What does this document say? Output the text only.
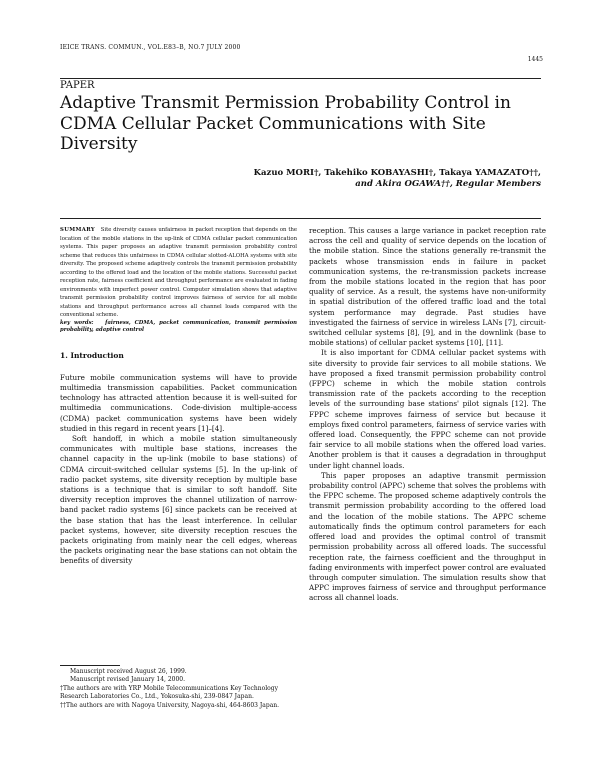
IEICE TRANS. COMMUN., VOL.E83–B, NO.7 JULY 2000
1445
PAPER
Adaptive Transmit Permission Probability Control in CDMA Cellular Packet Communications with Site Diversity
Kazuo MORI†, Takehiko KOBAYASHI†, Takaya YAMAZATO††,
and Akira OGAWA††, Regular Members
SUMMARY Site diversity causes unfairness in packet reception that depends on the location of the mobile stations in the up-link of CDMA cellular packet communication systems. This paper proposes an adaptive transmit permission probability control scheme that reduces this unfairness in CDMA cellular slotted-ALOHA systems with site diversity. The proposed scheme adaptively controls the transmit permission probability according to the offered load and the location of the mobile stations. Successful packet reception rate, fairness coefficient and throughput performance are evaluated in fading environments with imperfect power control. Computer simulation shows that adaptive transmit permission probability control improves fairness of service for all mobile stations and throughput performance across all channel loads compared with the conventional scheme.
key words: fairness, CDMA, packet communication, transmit permission probability, adaptive control
1. Introduction

Future mobile communication systems will have to provide multimedia transmission capabilities. Packet communication technology has attracted attention because it is well-suited for multimedia communications. Code-division multiple-access (CDMA) packet communication systems have been widely studied in this regard in recent years [1]–[4].

Soft handoff, in which a mobile station simultaneously communicates with multiple base stations, increases the channel capacity in the up-link (mobile to base stations) of CDMA circuit-switched cellular systems [5]. In the up-link of radio packet systems, site diversity reception by multiple base stations is a technique that is similar to soft handoff. Site diversity reception improves the channel utilization of narrow-band packet radio systems [6] since packets can be received at the base station that has the least interference. In cellular packet systems, however, site diversity reception rescues the packets originating from mainly near the cell edges, whereas the packets originating near the base stations can not obtain the benefits of diversity

reception. This causes a large variance in packet reception rate across the cell and quality of service depends on the location of the mobile station. Since the stations generally re-transmit the packets whose transmission ends in failure in packet communication systems, the re-transmission packets increase from the mobile stations located in the region that has poor quality of service. As a result, the systems have non-uniformity in spatial distribution of the offered traffic load and the total system performance may degrade. Past studies have investigated the fairness of service in wireless LANs [7], circuit-switched cellular systems [8], [9], and in the downlink (base to mobile stations) of cellular packet systems [10], [11].

It is also important for CDMA cellular packet systems with site diversity to provide fair services to all mobile stations. We have proposed a fixed transmit permission probability control (FPPC) scheme in which the mobile station controls transmission rate of the packets according to the reception levels of the surrounding base stations' pilot signals [12]. The FPPC scheme improves fairness of service but because it employs fixed control parameters, fairness of service varies with offered load. Consequently, the FPPC scheme can not provide fair service to all mobile stations when the offered load varies. Another problem is that it causes a degradation in throughput under light channel loads.

This paper proposes an adaptive transmit permission probability control (APPC) scheme that solves the problems with the FPPC scheme. The proposed scheme adaptively controls the transmit permission probability according to the offered load and the location of the mobile stations. The APPC scheme automatically finds the optimum control parameters for each offered load and provides the optimal control of transmit permission probability across all offered loads. The successful reception rate, the fairness coefficient and the throughput in fading environments with imperfect power control are evaluated through computer simulation. The simulation results show that APPC improves fairness of service and throughput performance across all channel loads.

Manuscript received August 26, 1999.
Manuscript revised January 14, 2000.
†The authors are with YRP Mobile Telecommunications Key Technology Research Laboratories Co., Ltd., Yokosuka-shi, 239-0847 Japan.
††The authors are with Nagoya University, Nagoya-shi, 464-8603 Japan.
